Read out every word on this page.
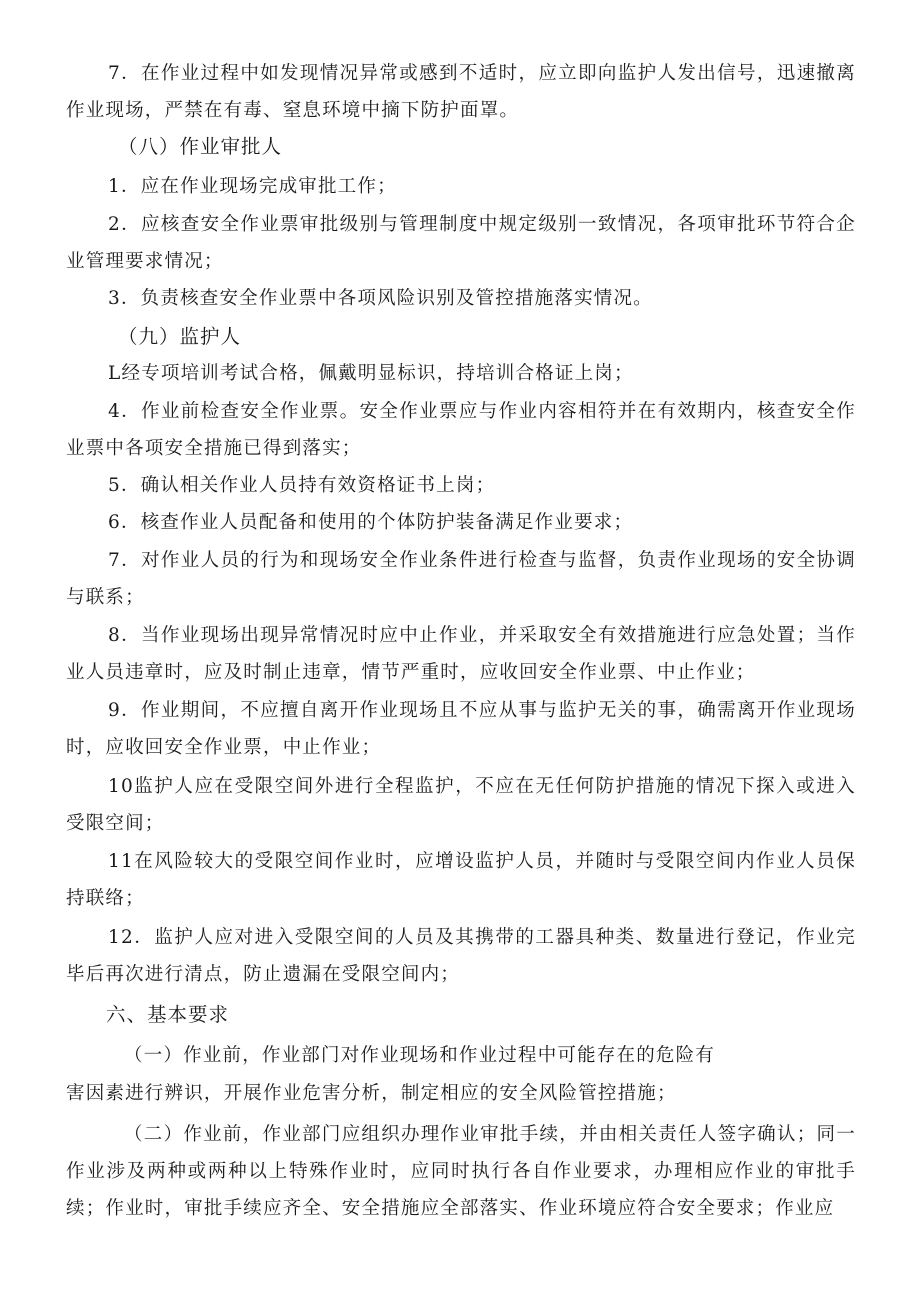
7．在作业过程中如发现情况异常或感到不适时，应立即向监护人发出信号，迅速撤离作业现场，严禁在有毒、窒息环境中摘下防护面罩。

（八）作业审批人

1．应在作业现场完成审批工作；

2．应核查安全作业票审批级别与管理制度中规定级别一致情况，各项审批环节符合企业管理要求情况；

3．负责核查安全作业票中各项风险识别及管控措施落实情况。

（九）监护人

L经专项培训考试合格，佩戴明显标识，持培训合格证上岗；

4．作业前检查安全作业票。安全作业票应与作业内容相符并在有效期内，核查安全作业票中各项安全措施已得到落实；

5．确认相关作业人员持有效资格证书上岗；

6．核查作业人员配备和使用的个体防护装备满足作业要求；

7．对作业人员的行为和现场安全作业条件进行检查与监督，负责作业现场的安全协调与联系；

8．当作业现场出现异常情况时应中止作业，并采取安全有效措施进行应急处置；当作业人员违章时，应及时制止违章，情节严重时，应收回安全作业票、中止作业；

9．作业期间，不应擅自离开作业现场且不应从事与监护无关的事，确需离开作业现场时，应收回安全作业票，中止作业；

10监护人应在受限空间外进行全程监护，不应在无任何防护措施的情况下探入或进入受限空间；

11在风险较大的受限空间作业时，应增设监护人员，并随时与受限空间内作业人员保持联络；

12．监护人应对进入受限空间的人员及其携带的工器具种类、数量进行登记，作业完毕后再次进行清点，防止遗漏在受限空间内；

六、基本要求

（一）作业前，作业部门对作业现场和作业过程中可能存在的危险有

害因素进行辨识，开展作业危害分析，制定相应的安全风险管控措施；

（二）作业前，作业部门应组织办理作业审批手续，并由相关责任人签字确认；同一作业涉及两种或两种以上特殊作业时，应同时执行各自作业要求，办理相应作业的审批手续；作业时，审批手续应齐全、安全措施应全部落实、作业环境应符合安全要求；作业应
